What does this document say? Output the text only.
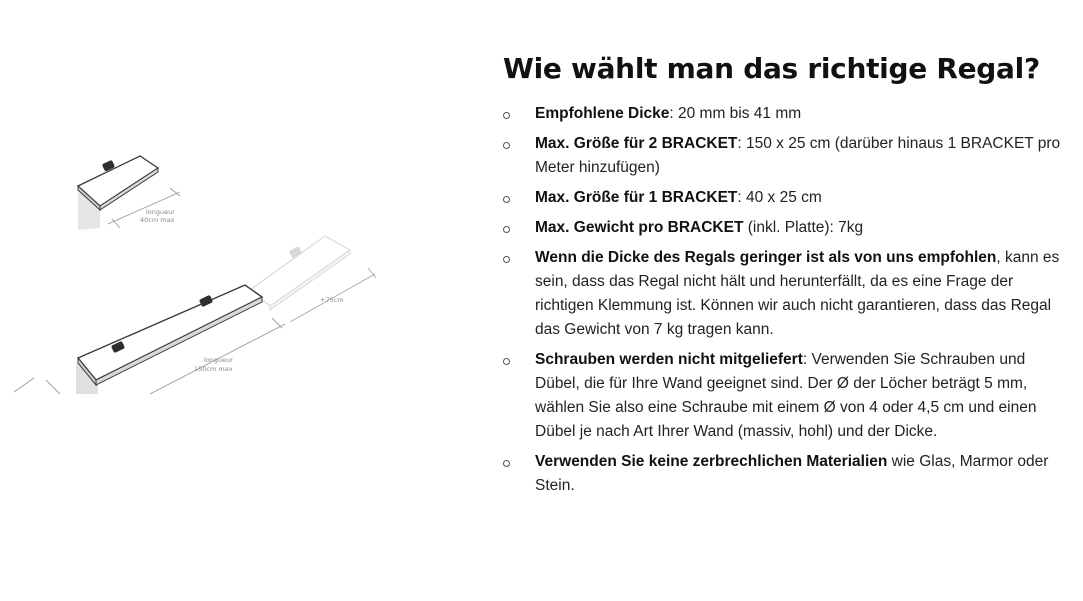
longueur
40cm max
+75cm
longueur
150cm max
Wie wählt man das richtige Regal?
Empfohlene Dicke: 20 mm bis 41 mm
Max. Größe für 2 BRACKET: 150 x 25 cm (darüber hinaus 1 BRACKET pro Meter hinzufügen)
Max. Größe für 1 BRACKET: 40 x 25 cm
Max. Gewicht pro BRACKET (inkl. Platte): 7kg
Wenn die Dicke des Regals geringer ist als von uns empfohlen, kann es sein, dass das Regal nicht hält und herunterfällt, da es eine Frage der richtigen Klemmung ist. Können wir auch nicht garantieren, dass das Regal das Gewicht von 7 kg tragen kann.
Schrauben werden nicht mitgeliefert: Verwenden Sie Schrauben und Dübel, die für Ihre Wand geeignet sind. Der Ø der Löcher beträgt 5 mm, wählen Sie also eine Schraube mit einem Ø von 4 oder 4,5 cm und einen Dübel je nach Art Ihrer Wand (massiv, hohl) und der Dicke.
Verwenden Sie keine zerbrechlichen Materialien wie Glas, Marmor oder Stein.
